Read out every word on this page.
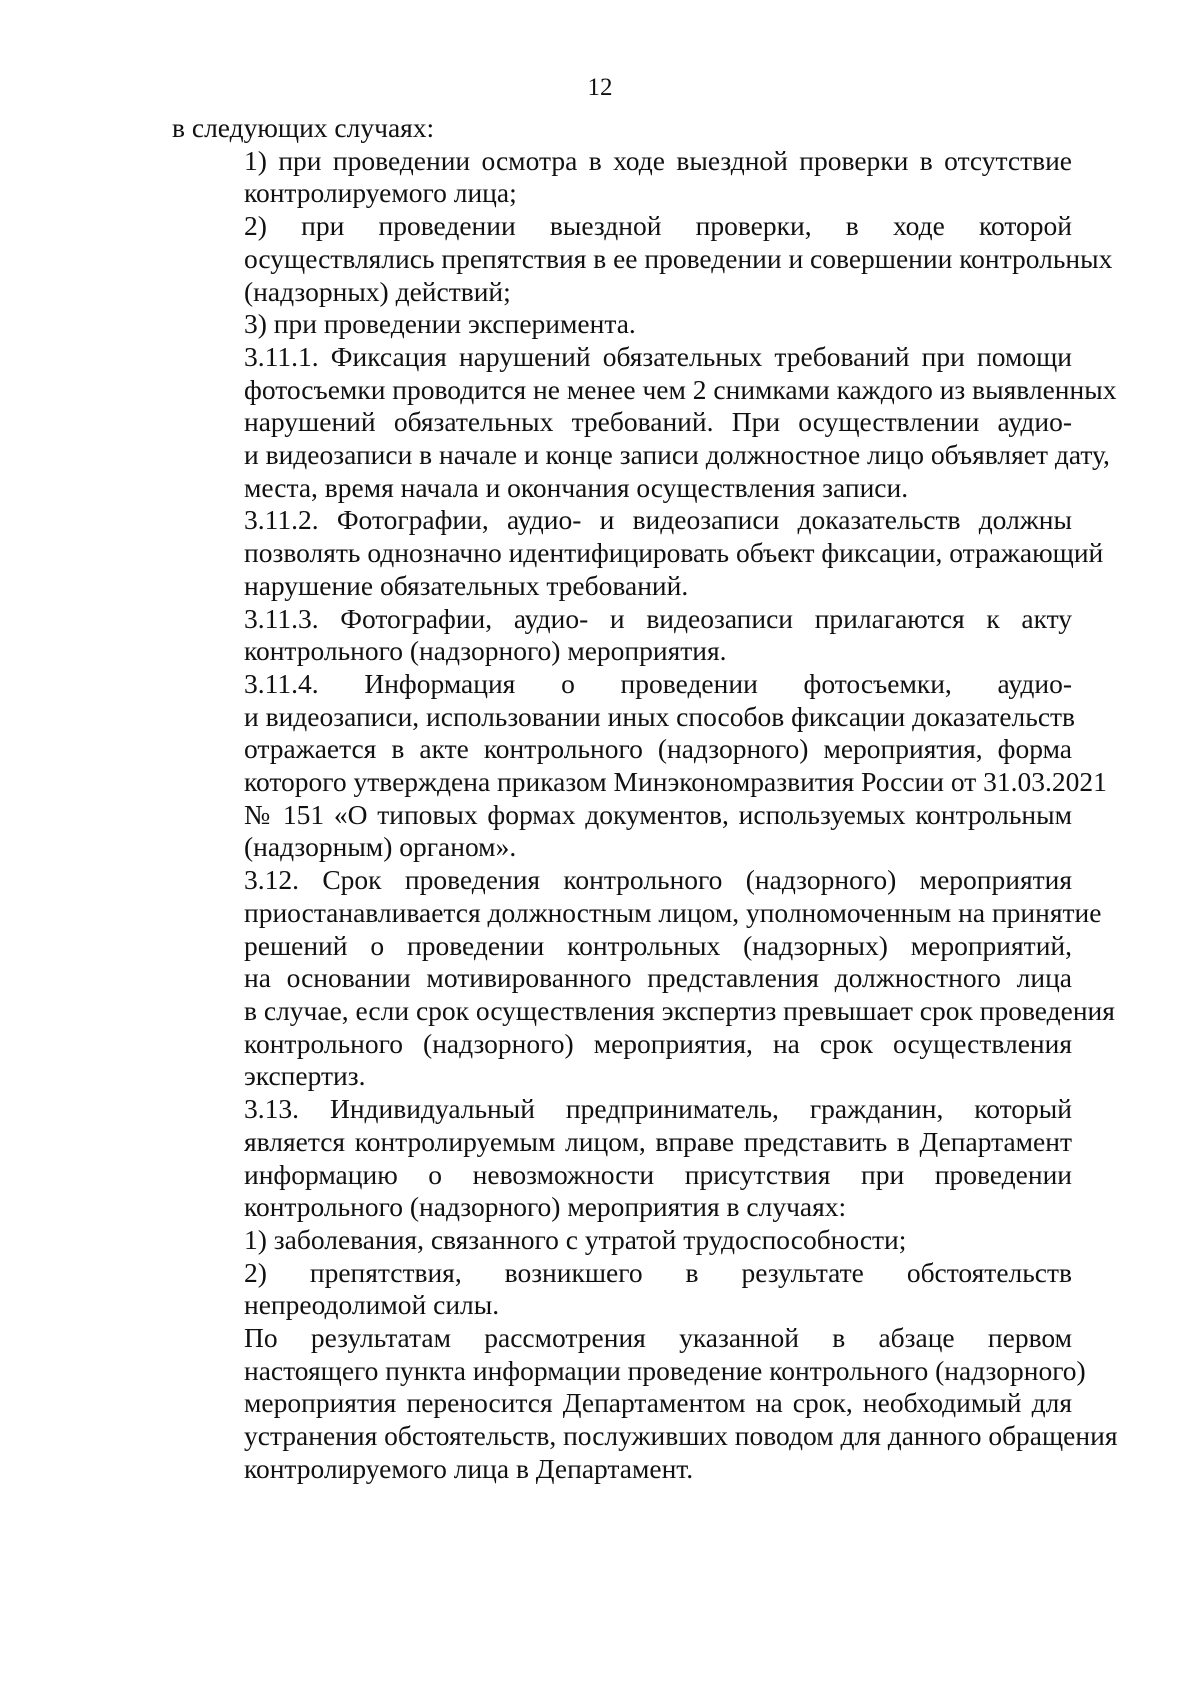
12

в следующих случаях:

1) при проведении осмотра в ходе выездной проверки в отсутствие
контролируемого лица;

2) при проведении выездной проверки, в ходе которой
осуществлялись препятствия в ее проведении и совершении контрольных
(надзорных) действий;

3) при проведении эксперимента.

3.11.1. Фиксация нарушений обязательных требований при помощи
фотосъемки проводится не менее чем 2 снимками каждого из выявленных
нарушений обязательных требований. При осуществлении аудио-
и видеозаписи в начале и конце записи должностное лицо объявляет дату,
места, время начала и окончания осуществления записи.

3.11.2. Фотографии, аудио- и видеозаписи доказательств должны
позволять однозначно идентифицировать объект фиксации, отражающий
нарушение обязательных требований.

3.11.3. Фотографии, аудио- и видеозаписи прилагаются к акту
контрольного (надзорного) мероприятия.

3.11.4. Информация о проведении фотосъемки, аудио-
и видеозаписи, использовании иных способов фиксации доказательств
отражается в акте контрольного (надзорного) мероприятия, форма
которого утверждена приказом Минэкономразвития России от 31.03.2021
№ 151 «О типовых формах документов, используемых контрольным
(надзорным) органом».

3.12. Срок проведения контрольного (надзорного) мероприятия
приостанавливается должностным лицом, уполномоченным на принятие
решений о проведении контрольных (надзорных) мероприятий,
на основании мотивированного представления должностного лица
в случае, если срок осуществления экспертиз превышает срок проведения
контрольного (надзорного) мероприятия, на срок осуществления
экспертиз.

3.13. Индивидуальный предприниматель, гражданин, который
является контролируемым лицом, вправе представить в Департамент
информацию о невозможности присутствия при проведении
контрольного (надзорного) мероприятия в случаях:

1) заболевания, связанного с утратой трудоспособности;

2) препятствия, возникшего в результате обстоятельств
непреодолимой силы.

По результатам рассмотрения указанной в абзаце первом
настоящего пункта информации проведение контрольного (надзорного)
мероприятия переносится Департаментом на срок, необходимый для
устранения обстоятельств, послуживших поводом для данного обращения
контролируемого лица в Департамент.
